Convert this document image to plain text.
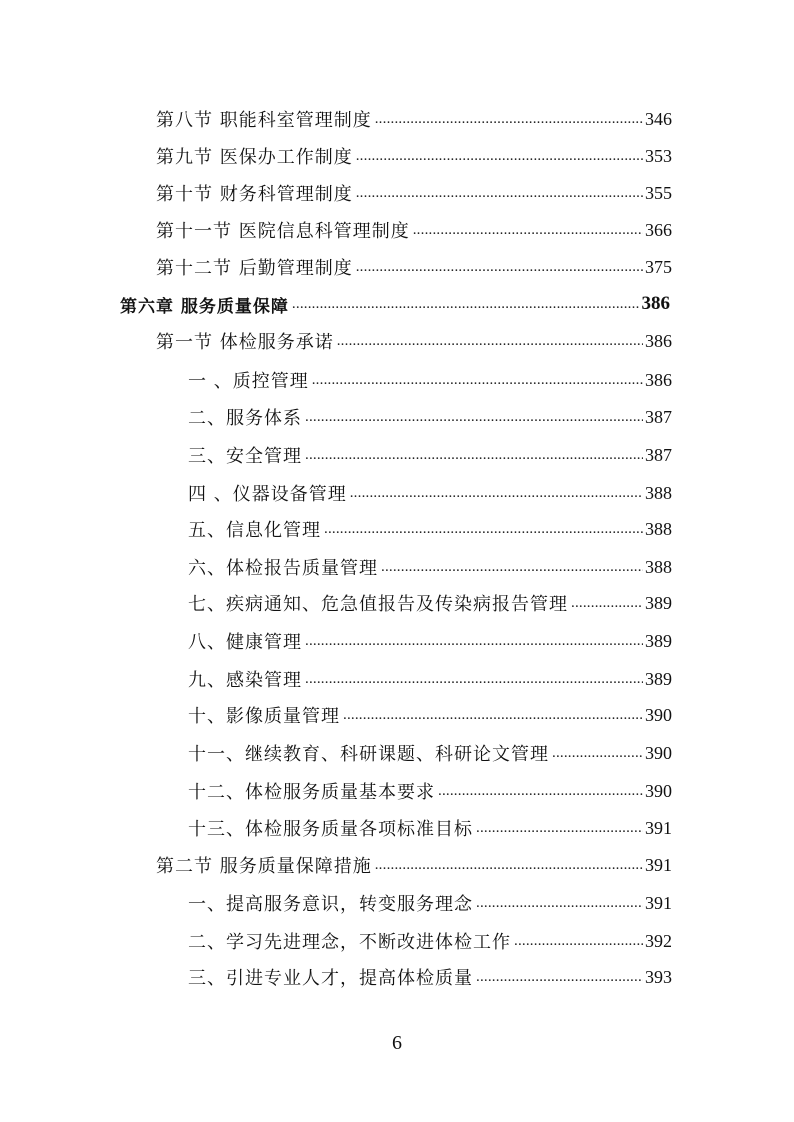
第八节 职能科室管理制度 .....	346
第九节 医保办工作制度 .....	353
第十节 财务科管理制度 .....	355
第十一节 医院信息科管理制度 .....	366
第十二节 后勤管理制度 .....	375
第六章 服务质量保障 .....	386
第一节 体检服务承诺 .....	386
一 、质控管理 .....	386
二、服务体系 .....	387
三、安全管理 .....	387
四 、仪器设备管理 .....	388
五、信息化管理 .....	388
六、体检报告质量管理 .....	388
七、疾病通知、危急值报告及传染病报告管理 .....	389
八、健康管理 .....	389
九、感染管理 .....	389
十、影像质量管理 .....	390
十一、继续教育、科研课题、科研论文管理 .....	390
十二、体检服务质量基本要求 .....	390
十三、体检服务质量各项标准目标 .....	391
第二节 服务质量保障措施 .....	391
一、提高服务意识，转变服务理念 .....	391
二、学习先进理念，不断改进体检工作 .....	392
三、引进专业人才，提高体检质量 .....	393
6
